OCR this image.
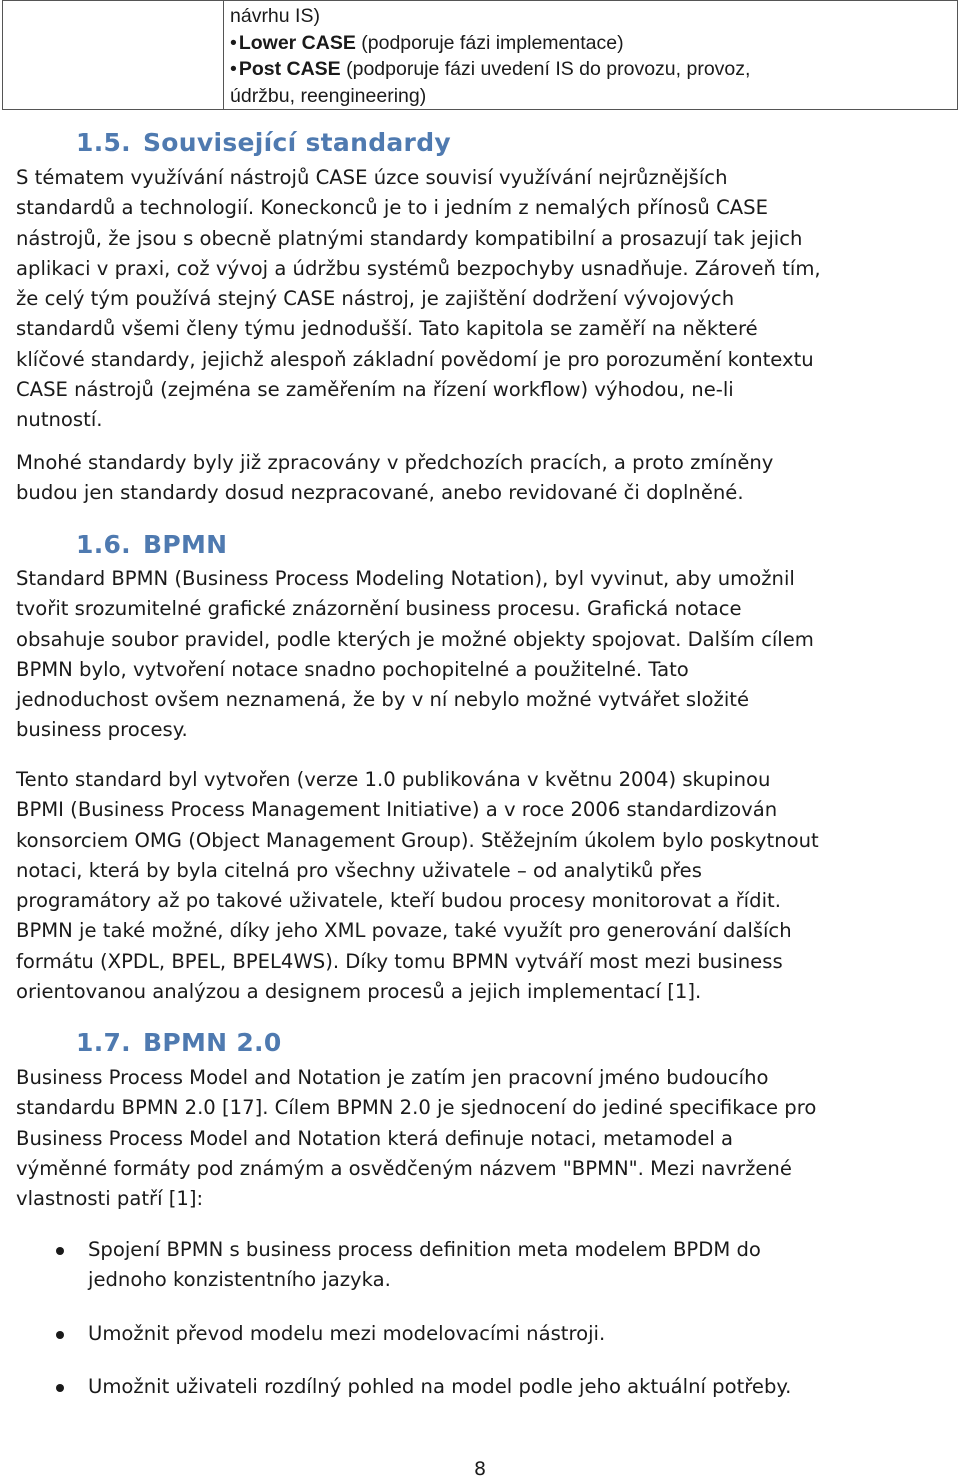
návrhu IS)
• Lower CASE (podporuje fázi implementace)
• Post CASE (podporuje fázi uvedení IS do provozu, provoz,
údržbu, reengineering)
1.5. Související standardy
S tématem využívání nástrojů CASE úzce souvisí využívání nejrůznějších
standardů a technologií. Koneckonců je to i jedním z nemalých přínosů CASE
nástrojů, že jsou s obecně platnými standardy kompatibilní a prosazují tak jejich
aplikaci v praxi, což vývoj a údržbu systémů bezpochyby usnadňuje. Zároveň tím,
že celý tým používá stejný CASE nástroj, je zajištění dodržení vývojových
standardů všemi členy týmu jednodušší. Tato kapitola se zaměří na některé
klíčové standardy, jejichž alespoň základní povědomí je pro porozumění kontextu
CASE nástrojů (zejména se zaměřením na řízení workflow) výhodou, ne-li
nutností.
Mnohé standardy byly již zpracovány v předchozích pracích, a proto zmíněny
budou jen standardy dosud nezpracované, anebo revidované či doplněné.
1.6. BPMN
Standard BPMN (Business Process Modeling Notation), byl vyvinut, aby umožnil
tvořit srozumitelné grafické znázornění business procesu. Grafická notace
obsahuje soubor pravidel, podle kterých je možné objekty spojovat. Dalším cílem
BPMN bylo, vytvoření notace snadno pochopitelné a použitelné. Tato
jednoduchost ovšem neznamená, že by v ní nebylo možné vytvářet složité
business procesy.
Tento standard byl vytvořen (verze 1.0 publikována v květnu 2004) skupinou
BPMI (Business Process Management Initiative) a v roce 2006 standardizován
konsorciem OMG (Object Management Group). Stěžejním úkolem bylo poskytnout
notaci, která by byla citelná pro všechny uživatele – od analytiků přes
programátory až po takové uživatele, kteří budou procesy monitorovat a řídit.
BPMN je také možné, díky jeho XML povaze, také využít pro generování dalších
formátu (XPDL, BPEL, BPEL4WS). Díky tomu BPMN vytváří most mezi business
orientovanou analýzou a designem procesů a jejich implementací [1].
1.7. BPMN 2.0
Business Process Model and Notation je zatím jen pracovní jméno budoucího
standardu BPMN 2.0 [17]. Cílem BPMN 2.0 je sjednocení do jediné specifikace pro
Business Process Model and Notation která definuje notaci, metamodel a
výměnné formáty pod známým a osvědčeným názvem "BPMN". Mezi navržené
vlastnosti patří [1]:
Spojení BPMN s business process definition meta modelem BPDM do
jednoho konzistentního jazyka.
Umožnit převod modelu mezi modelovacími nástroji.
Umožnit uživateli rozdílný pohled na model podle jeho aktuální potřeby.
8
